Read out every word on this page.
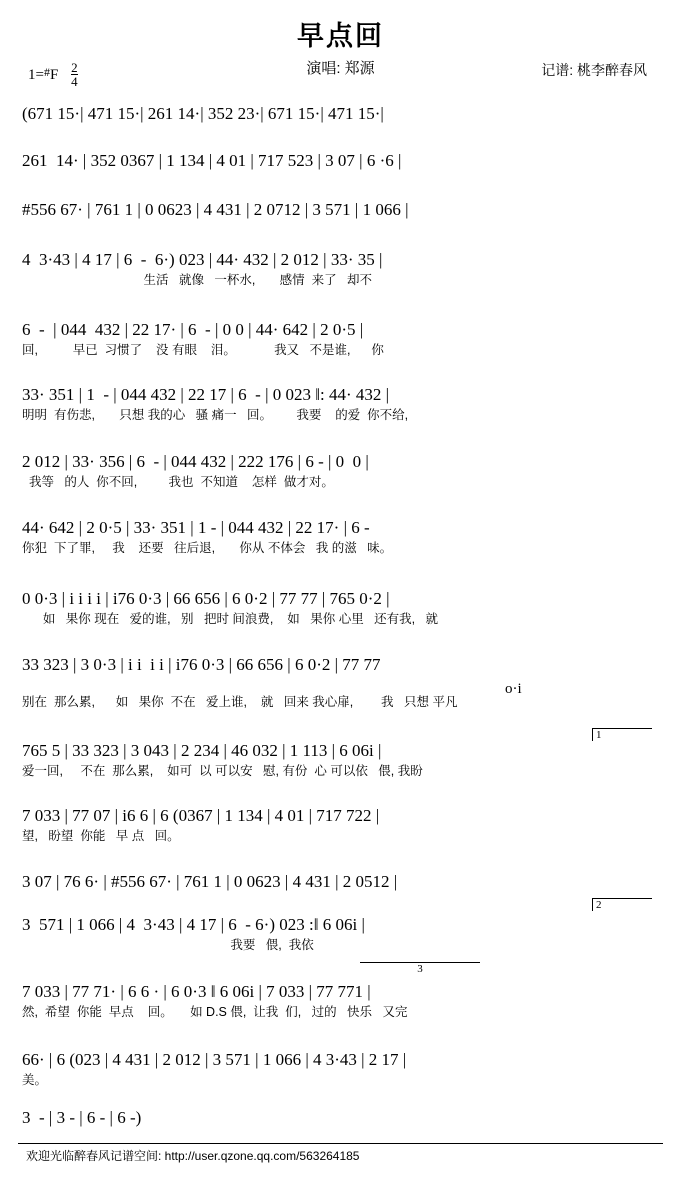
早点回
演唱: 郑源	记谱: 桃李醉春风
$1=^{\#}F \frac{2}{4}$
(671 15·| 471 15·| 261 14·| 352 23·| 671 15·| 471 15·|
261  14· | 352 0367 | 1 134 | 4 01 | 717 523 | 3 07 | 6 ·6 |
#556 67· | 761 1 | 0 0623 | 4 431 | 2 0712 | 3 571 | 1 066 |
4  3·43 | 4 17 | 6  -  6·) 023 | 44· 432 | 2 012 | 33· 35 |
生活   就像   一杯水,       感情  来了   却不
6  -  | 044  432 | 22 17· | 6  - | 0 0 | 44· 642 | 2 0·5 |
回,          早已  习惯了    没 有眼    泪。           我又   不是谁,      你
33· 351 | 1  - | 044 432 | 22 17 | 6  - | 0 023 ‖: 44· 432 |
明明  有伤悲,       只想 我的心   骚 痛一   回。       我要    的爱  你不给,
2 012 | 33· 356 | 6  - | 044 432 | 222 176 | 6 - | 0  0 |
我等   的人  你不回,         我也  不知道    怎样  做才对。
44· 642 | 2 0·5 | 33· 351 | 1 - | 044 432 | 22 17· | 6 -
你犯  下了罪,     我    还要   往后退,       你从 不体会   我 的滋   味。
0 0·3 | i i i i | i76 0·3 | 66 656 | 6 0·2 | 77 77 | 765 0·2 |
如   果你 现在   爱的谁,   别   把时 间浪费,    如   果你 心里   还有我,   就
33 323 | 3 0·3 | i i  i i | i76 0·3 | 66 656 | 6 0·2 | 77 77
别在  那么累,      如   果你  不在   爱上谁,    就   回来 我心扉,        我   只想 平凡
o·i
765 5 | 33 323 | 3 043 | 2 234 | 46 032 | 1 113 | 6 06i |
爱一回,     不在  那么累,    如可  以 可以安   慰, 有份  心 可以依   偎, 我盼
1
7 033 | 77 07 | i6 6 | 6 (0367 | 1 134 | 4 01 | 717 722 |
望,   盼望  你能   早 点   回。
3 07 | 76 6· | #556 67· | 761 1 | 0 0623 | 4 431 | 2 0512 |
2
3  571 | 1 066 | 4  3·43 | 4 17 | 6  - 6·) 023 :‖ 6 06i |
我要   偎,  我依
3
7 033 | 77 71· | 6 6 · | 6 0·3 ‖ 6 06i | 7 033 | 77 771 |
然,  希望  你能  早点    回。     如 D.S 偎,  让我  们,   过的   快乐   又完
66· | 6 (023 | 4 431 | 2 012 | 3 571 | 1 066 | 4 3·43 | 2 17 |
美。
3  - | 3 - | 6 - | 6 -)
欢迎光临醉春风记谱空间: http://user.qzone.qq.com/563264185
